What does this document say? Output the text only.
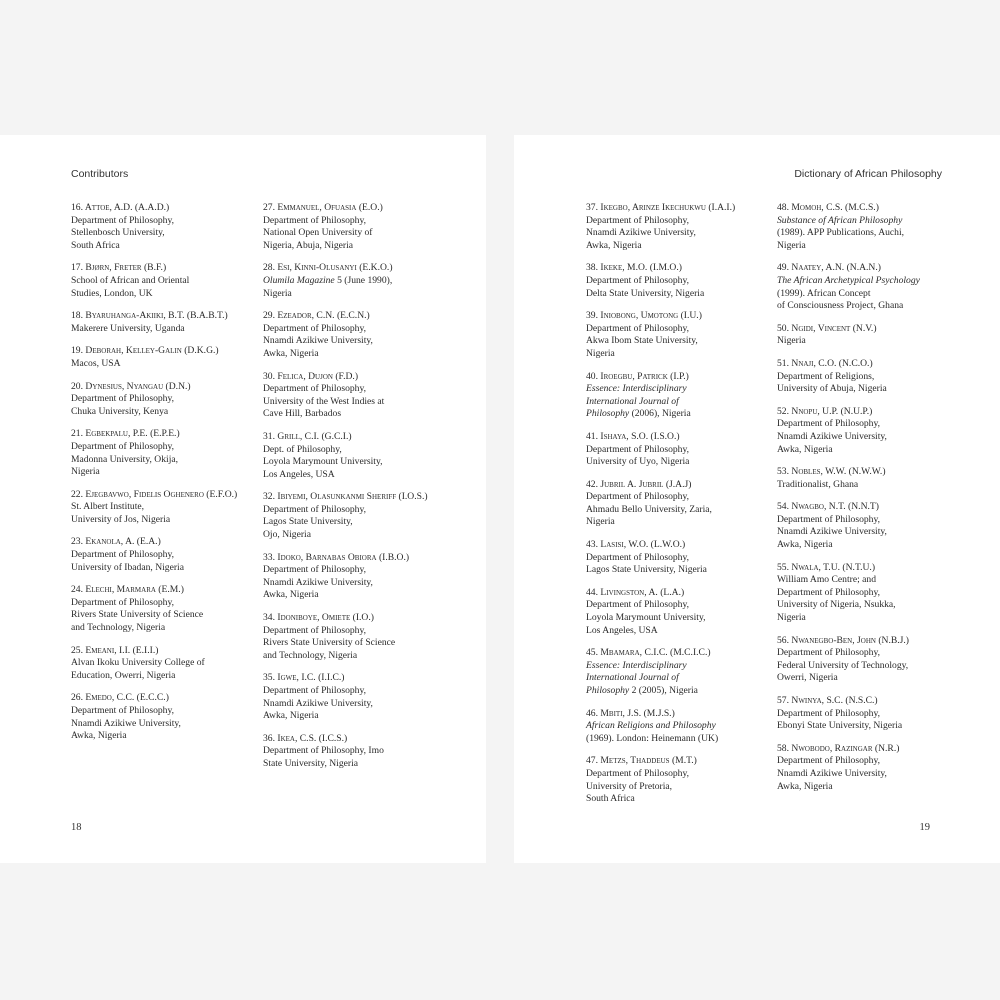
Contributors
16. Attoe, A.D. (A.A.D.)
Department of Philosophy,
Stellenbosch University,
South Africa
17. Bjørn, Freter (B.F.)
School of African and Oriental
Studies, London, UK
18. Byaruhanga-Akiiki, B.T. (B.A.B.T.)
Makerere University, Uganda
19. Deborah, Kelley-Galin (D.K.G.)
Macos, USA
20. Dynesius, Nyangau (D.N.)
Department of Philosophy,
Chuka University, Kenya
21. Egbekpalu, P.E. (E.P.E.)
Department of Philosophy,
Madonna University, Okija,
Nigeria
22. Ejegbavwo, Fidelis Oghenero (E.F.O.)
St. Albert Institute,
University of Jos, Nigeria
23. Ekanola, A. (E.A.)
Department of Philosophy,
University of Ibadan, Nigeria
24. Elechi, Marmara (E.M.)
Department of Philosophy,
Rivers State University of Science
and Technology, Nigeria
25. Emeani, I.I. (E.I.I.)
Alvan Ikoku University College of
Education, Owerri, Nigeria
26. Emedo, C.C. (E.C.C.)
Department of Philosophy,
Nnamdi Azikiwe University,
Awka, Nigeria
27. Emmanuel, Ofuasia (E.O.)
Department of Philosophy,
National Open University of
Nigeria, Abuja, Nigeria
28. Esi, Kinni-Olusanyi (E.K.O.)
Olumila Magazine 5 (June 1990),
Nigeria
29. Ezeador, C.N. (E.C.N.)
Department of Philosophy,
Nnamdi Azikiwe University,
Awka, Nigeria
30. Felica, Dujon (F.D.)
Department of Philosophy,
University of the West Indies at
Cave Hill, Barbados
31. Grill, C.I. (G.C.I.)
Dept. of Philosophy,
Loyola Marymount University,
Los Angeles, USA
32. Ibiyemi, Olasunkanmi Sheriff (I.O.S.)
Department of Philosophy,
Lagos State University,
Ojo, Nigeria
33. Idoko, Barnabas Obiora (I.B.O.)
Department of Philosophy,
Nnamdi Azikiwe University,
Awka, Nigeria
34. Idoniboye, Omiete (I.O.)
Department of Philosophy,
Rivers State University of Science
and Technology, Nigeria
35. Igwe, I.C. (I.I.C.)
Department of Philosophy,
Nnamdi Azikiwe University,
Awka, Nigeria
36. Ikea, C.S. (I.C.S.)
Department of Philosophy, Imo
State University, Nigeria
18
Dictionary of African Philosophy
37. Ikegbo, Arinze Ikechukwu (I.A.I.)
Department of Philosophy,
Nnamdi Azikiwe University,
Awka, Nigeria
38. Ikeke, M.O. (I.M.O.)
Department of Philosophy,
Delta State University, Nigeria
39. Iniobong, Umotong (I.U.)
Department of Philosophy,
Akwa Ibom State University,
Nigeria
40. Iroegbu, Patrick (I.P.)
Essence: Interdisciplinary
International Journal of
Philosophy (2006), Nigeria
41. Ishaya, S.O. (I.S.O.)
Department of Philosophy,
University of Uyo, Nigeria
42. Jubril A. Jubril (J.A.J)
Department of Philosophy,
Ahmadu Bello University, Zaria,
Nigeria
43. Lasisi, W.O. (L.W.O.)
Department of Philosophy,
Lagos State University, Nigeria
44. Livingston, A. (L.A.)
Department of Philosophy,
Loyola Marymount University,
Los Angeles, USA
45. Mbamara, C.I.C. (M.C.I.C.)
Essence: Interdisciplinary
International Journal of
Philosophy 2 (2005), Nigeria
46. Mbiti, J.S. (M.J.S.)
African Religions and Philosophy
(1969). London: Heinemann (UK)
47. Metzs, Thaddeus (M.T.)
Department of Philosophy,
University of Pretoria,
South Africa
48. Momoh, C.S. (M.C.S.)
Substance of African Philosophy
(1989). APP Publications, Auchi,
Nigeria
49. Naatey, A.N. (N.A.N.)
The African Archetypical Psychology
(1999). African Concept
of Consciousness Project, Ghana
50. Ngidi, Vincent (N.V.)
Nigeria
51. Nnaji, C.O. (N.C.O.)
Department of Religions,
University of Abuja, Nigeria
52. Nnopu, U.P. (N.U.P.)
Department of Philosophy,
Nnamdi Azikiwe University,
Awka, Nigeria
53. Nobles, W.W. (N.W.W.)
Traditionalist, Ghana
54. Nwagbo, N.T. (N.N.T)
Department of Philosophy,
Nnamdi Azikiwe University,
Awka, Nigeria
55. Nwala, T.U. (N.T.U.)
William Amo Centre; and
Department of Philosophy,
University of Nigeria, Nsukka,
Nigeria
56. Nwanegbo-Ben, John (N.B.J.)
Department of Philosophy,
Federal University of Technology,
Owerri, Nigeria
57. Nwinya, S.C. (N.S.C.)
Department of Philosophy,
Ebonyi State University, Nigeria
58. Nwobodo, Razingar (N.R.)
Department of Philosophy,
Nnamdi Azikiwe University,
Awka, Nigeria
19
